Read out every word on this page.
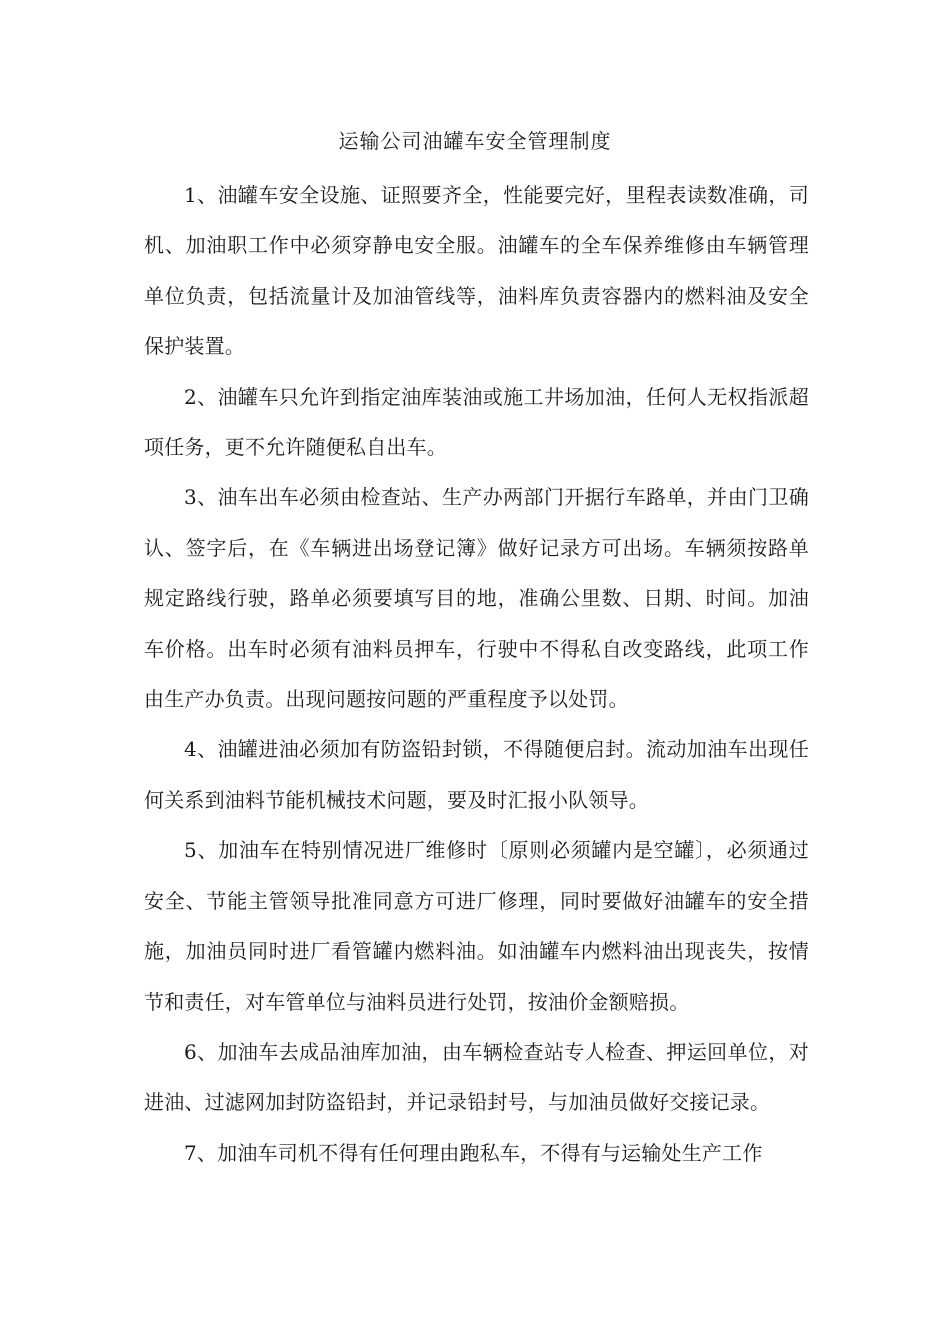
运输公司油罐车安全管理制度

1、油罐车安全设施、证照要齐全，性能要完好，里程表读数准确，司机、加油职工作中必须穿静电安全服。油罐车的全车保养维修由车辆管理单位负责，包括流量计及加油管线等，油料库负责容器内的燃料油及安全保护装置。

2、油罐车只允许到指定油库装油或施工井场加油，任何人无权指派超项任务，更不允许随便私自出车。

3、油车出车必须由检查站、生产办两部门开据行车路单，并由门卫确认、签字后，在《车辆进出场登记簿》做好记录方可出场。车辆须按路单规定路线行驶，路单必须要填写目的地，准确公里数、日期、时间。加油车价格。出车时必须有油料员押车，行驶中不得私自改变路线，此项工作由生产办负责。出现问题按问题的严重程度予以处罚。

4、油罐进油必须加有防盗铅封锁，不得随便启封。流动加油车出现任何关系到油料节能机械技术问题，要及时汇报小队领导。

5、加油车在特别情况进厂维修时〔原则必须罐内是空罐〕，必须通过安全、节能主管领导批准同意方可进厂修理，同时要做好油罐车的安全措施，加油员同时进厂看管罐内燃料油。如油罐车内燃料油出现丧失，按情节和责任，对车管单位与油料员进行处罚，按油价金额赔损。

6、加油车去成品油库加油，由车辆检查站专人检查、押运回单位，对进油、过滤网加封防盗铅封，并记录铅封号，与加油员做好交接记录。

7、加油车司机不得有任何理由跑私车，不得有与运输处生产工作
